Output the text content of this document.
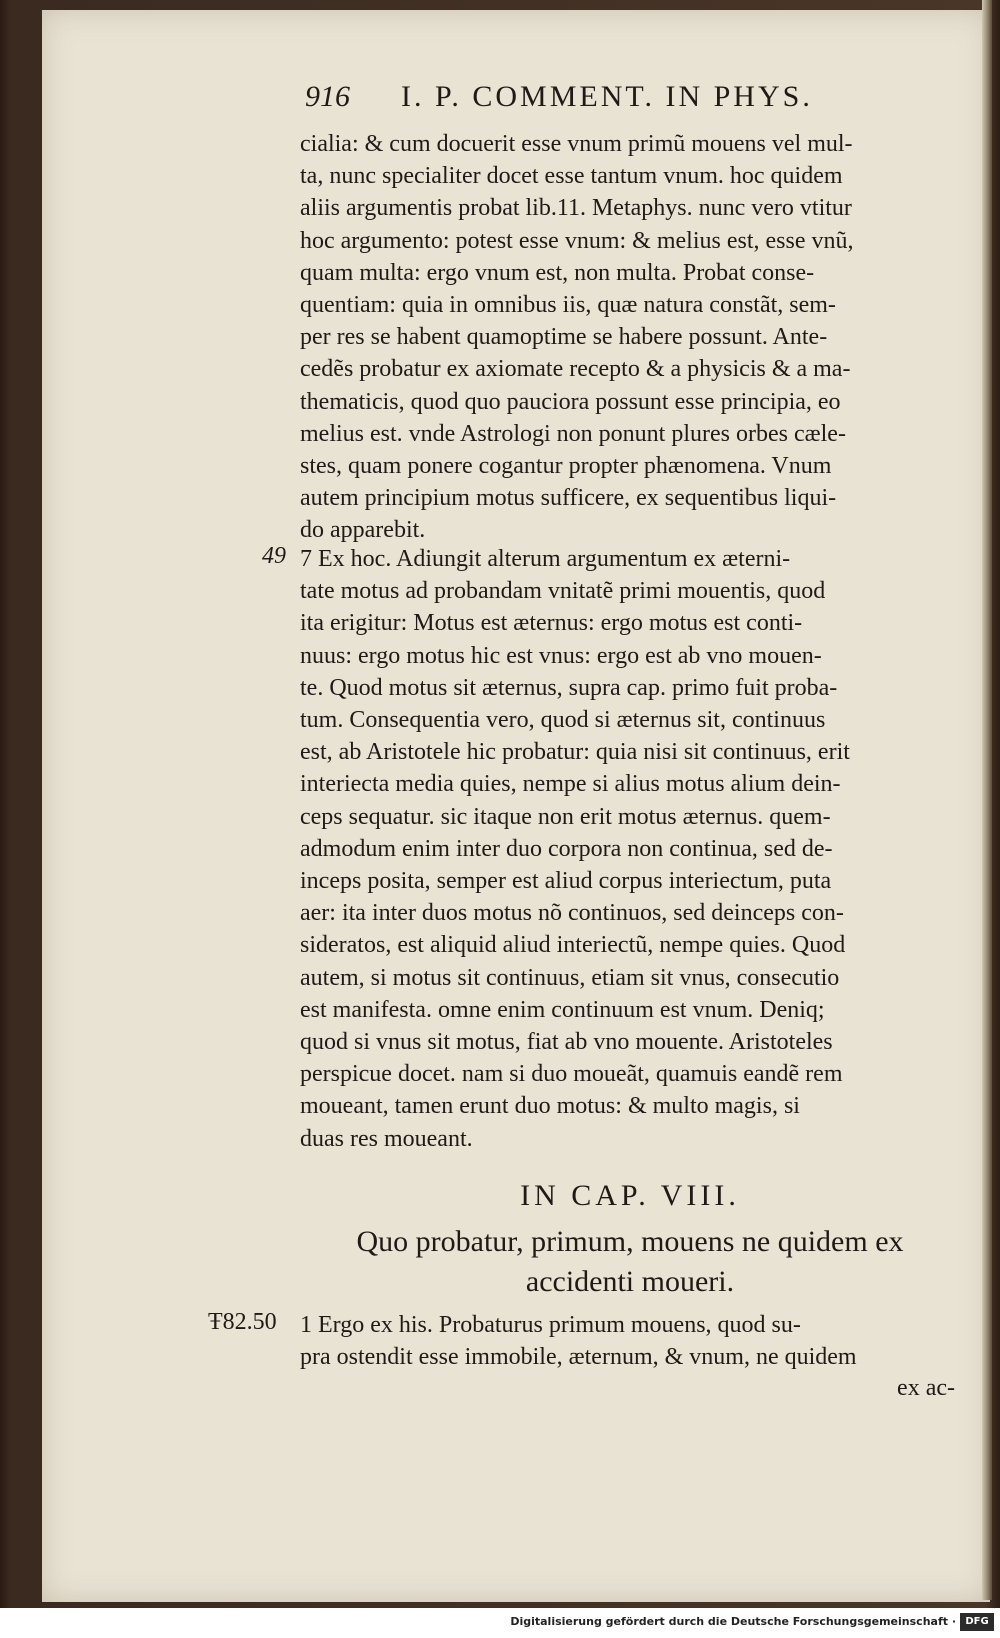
916 I. P. COMMENT. IN PHYS.
cialia: & cum docuerit esse vnum primũ mouens vel mul-
ta, nunc specialiter docet esse tantum vnum. hoc quidem
aliis argumentis probat lib.11. Metaphys. nunc vero vtitur
hoc argumento: potest esse vnum: & melius est, esse vnũ,
quam multa: ergo vnum est, non multa. Probat conse-
quentiam: quia in omnibus iis, quæ natura constãt, sem-
per res se habent quamoptime se habere possunt. Ante-
cedẽs probatur ex axiomate recepto & a physicis & a ma-
thematicis, quod quo pauciora possunt esse principia, eo
melius est. vnde Astrologi non ponunt plures orbes cæle-
stes, quam ponere cogantur propter phænomena. Vnum
autem principium motus sufficere, ex sequentibus liqui-
do apparebit.
49 7 Ex hoc. Adiungit alterum argumentum ex æterni-
tate motus ad probandam vnitatẽ primi mouentis, quod
ita erigitur: Motus est æternus: ergo motus est conti-
nuus: ergo motus hic est vnus: ergo est ab vno mouen-
te. Quod motus sit æternus, supra cap. primo fuit proba-
tum. Consequentia vero, quod si æternus sit, continuus
est, ab Aristotele hic probatur: quia nisi sit continuus, erit
interiecta media quies, nempe si alius motus alium dein-
ceps sequatur. sic itaque non erit motus æternus. quem-
admodum enim inter duo corpora non continua, sed de-
inceps posita, semper est aliud corpus interiectum, puta
aer: ita inter duos motus nõ continuos, sed deinceps con-
sideratos, est aliquid aliud interiectũ, nempe quies. Quod
autem, si motus sit continuus, etiam sit vnus, consecutio
est manifesta. omne enim continuum est vnum. Deniq;
quod si vnus sit motus, fiat ab vno mouente. Aristoteles
perspicue docet. nam si duo moueãt, quamuis eandẽ rem
moueant, tamen erunt duo motus: & multo magis, si
duas res moueant.
IN CAP. VIII.
Quo probatur, primum, mouens ne quidem ex
accidenti moueri.
Ŧ82.50 1 Ergo ex his. Probaturus primum mouens, quod su-
pra ostendit esse immobile, æternum, & vnum, ne quidem
ex ac-
Digitalisierung gefördert durch die Deutsche Forschungsgemeinschaft · DFG
